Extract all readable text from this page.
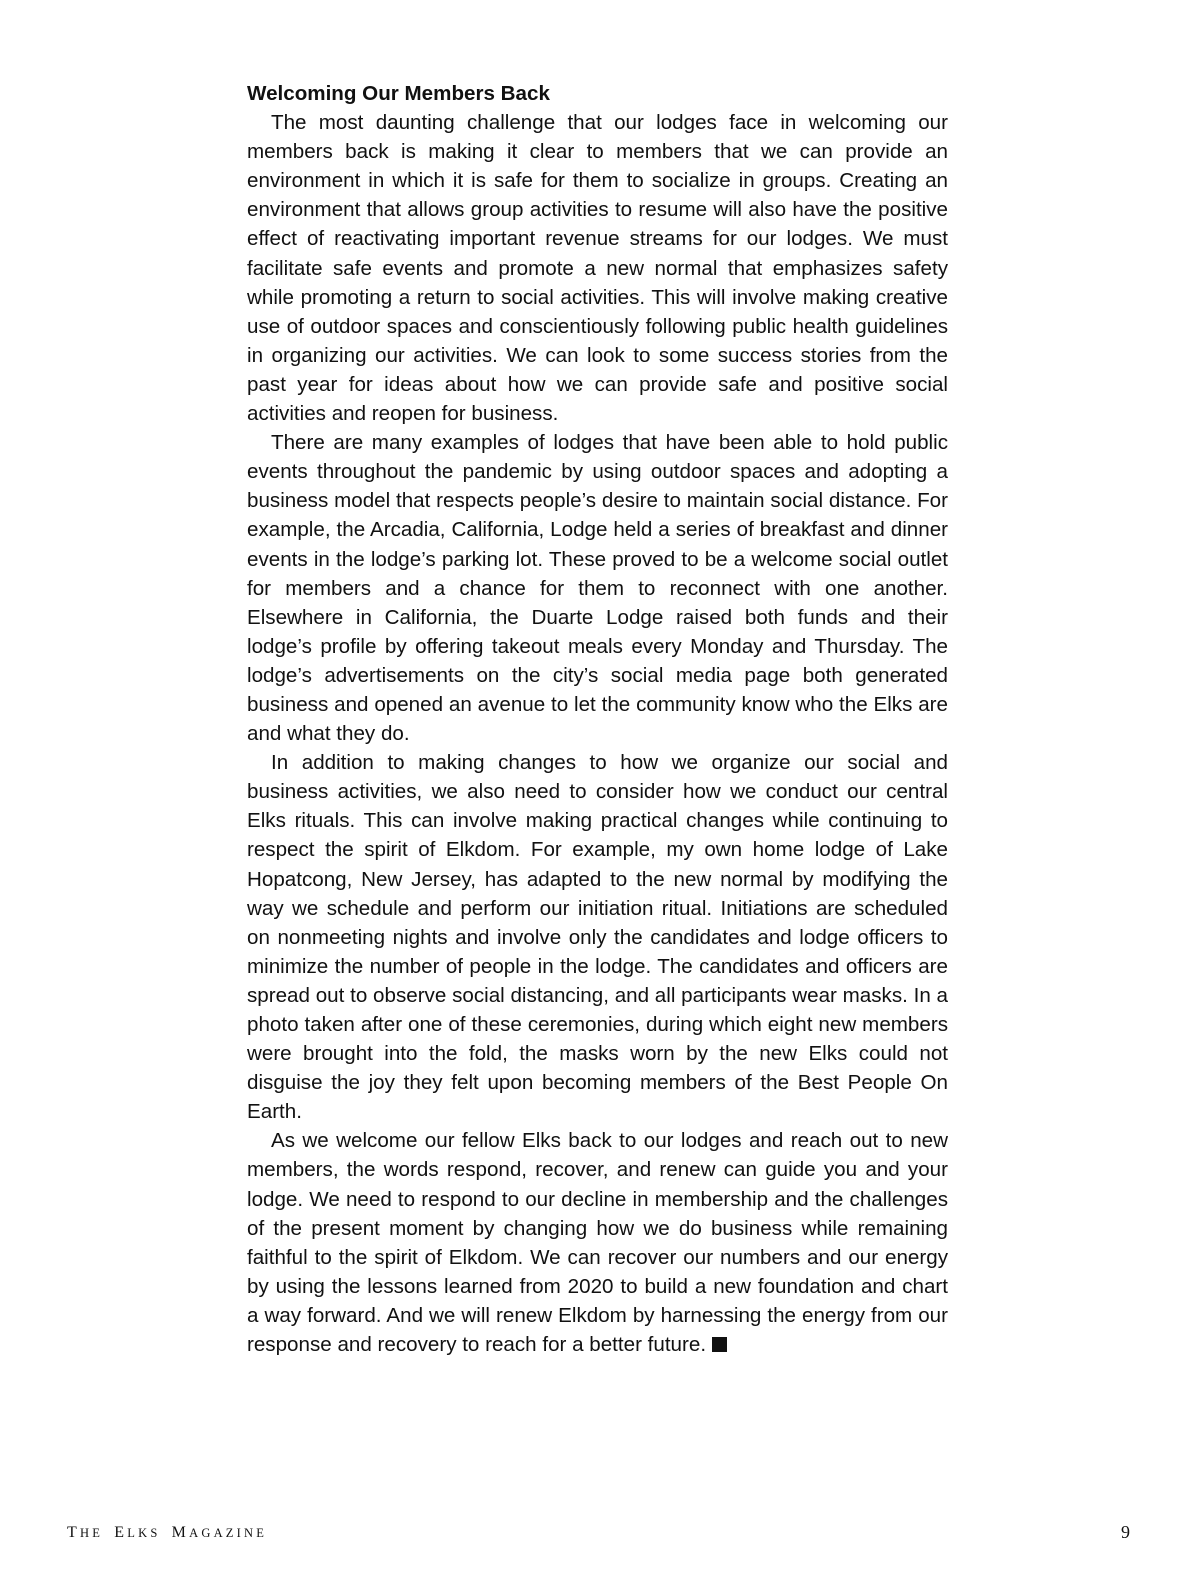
Welcoming Our Members Back

The most daunting challenge that our lodges face in welcoming our members back is making it clear to members that we can provide an environment in which it is safe for them to socialize in groups. Creating an environment that allows group activities to resume will also have the positive effect of reactivating important revenue streams for our lodges. We must facilitate safe events and promote a new normal that emphasizes safety while promoting a return to social activities. This will involve making creative use of outdoor spaces and conscientiously following public health guidelines in organizing our activities. We can look to some success stories from the past year for ideas about how we can provide safe and positive social activities and reopen for business.

There are many examples of lodges that have been able to hold public events throughout the pandemic by using outdoor spaces and adopting a business model that respects people’s desire to maintain social distance. For example, the Arcadia, California, Lodge held a series of breakfast and dinner events in the lodge’s parking lot. These proved to be a welcome social outlet for members and a chance for them to reconnect with one another. Elsewhere in California, the Duarte Lodge raised both funds and their lodge’s profile by offering takeout meals every Monday and Thursday. The lodge’s advertisements on the city’s social media page both generated business and opened an avenue to let the community know who the Elks are and what they do.

In addition to making changes to how we organize our social and business activities, we also need to consider how we conduct our central Elks rituals. This can involve making practical changes while continuing to respect the spirit of Elkdom. For example, my own home lodge of Lake Hopatcong, New Jersey, has adapted to the new normal by modifying the way we schedule and perform our initiation ritual. Initiations are scheduled on nonmeeting nights and involve only the candidates and lodge officers to minimize the number of people in the lodge. The candidates and officers are spread out to observe social distancing, and all participants wear masks. In a photo taken after one of these ceremonies, during which eight new members were brought into the fold, the masks worn by the new Elks could not disguise the joy they felt upon becoming members of the Best People On Earth.

As we welcome our fellow Elks back to our lodges and reach out to new members, the words respond, recover, and renew can guide you and your lodge. We need to respond to our decline in membership and the challenges of the present moment by changing how we do business while remaining faithful to the spirit of Elkdom. We can recover our numbers and our energy by using the lessons learned from 2020 to build a new foundation and chart a way forward. And we will renew Elkdom by harnessing the energy from our response and recovery to reach for a better future.

THE  ELKS  MAGAZINE	9
